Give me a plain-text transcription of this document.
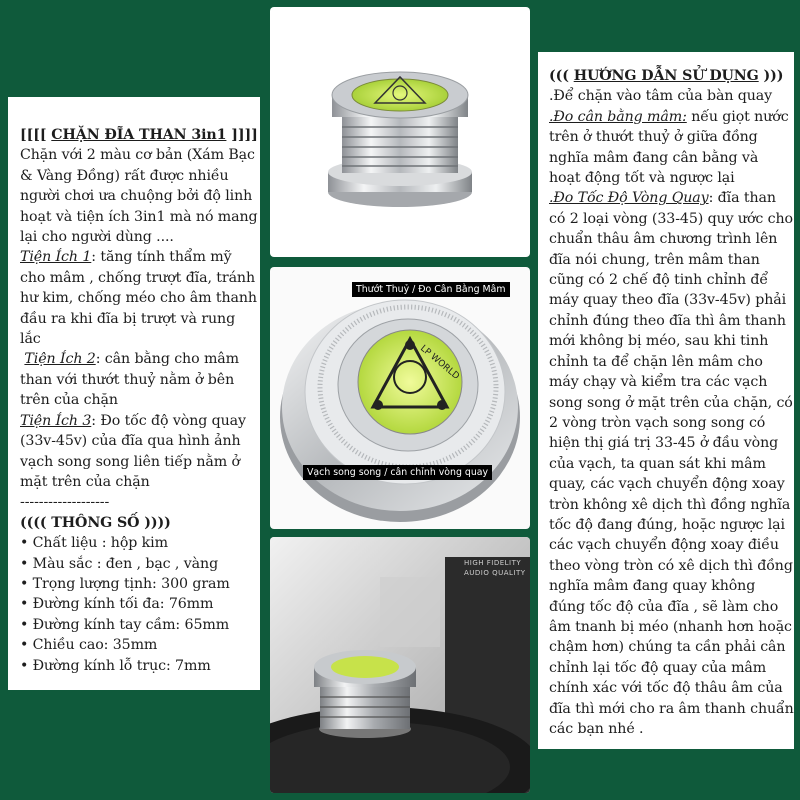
[[[[ CHẶN ĐĨA THAN 3in1 ]]]]
Chặn với 2 màu cơ bản (Xám Bạc & Vàng Đồng) rất được nhiều người chơi ưa chuộng bởi độ linh hoạt và tiện ích 3in1 mà nó mang lại cho người dùng ....
Tiện Ích 1: tăng tính thẩm mỹ cho mâm , chống trượt đĩa, tránh hư kim, chống méo cho âm thanh đầu ra khi đĩa bị trượt và rung lắc
Tiện Ích 2: cân bằng cho mâm than với thướt thuỷ nằm ở bên trên của chặn
Tiện Ích 3: Đo tốc độ vòng quay (33v-45v) của đĩa qua hình ảnh vạch song song liên tiếp nằm ở mặt trên của chặn
-------------------
(((( THÔNG SỐ ))))
• Chất liệu : hộp kim
• Màu sắc : đen , bạc , vàng
• Trọng lượng tịnh: 300 gram
• Đường kính tối đa: 76mm
• Đường kính tay cầm: 65mm
• Chiều cao: 35mm
• Đường kính lỗ trục: 7mm
LP WORLD
Thướt Thuỷ / Đo Cân Bằng Mâm
Vạch song song / cân chỉnh vòng quay
HIGH FIDELITY
AUDIO QUALITY
((( HƯỚNG DẪN SỬ DỤNG )))
.Để chặn vào tâm của bàn quay
.Đo cân bằng mâm: nếu giọt nước trên ở thướt thuỷ ở giữa đồng nghĩa mâm đang cân bằng và hoạt động tốt và ngược lại
.Đo Tốc Độ Vòng Quay: đĩa than có 2 loại vòng (33-45) quy ước cho chuẩn thâu âm chương trình lên đĩa nói chung, trên mâm than cũng có 2 chế độ tinh chỉnh để máy quay theo đĩa (33v-45v) phải chỉnh đúng theo đĩa thì âm thanh mới không bị méo, sau khi tinh chỉnh ta để chặn lên mâm cho máy chạy và kiểm tra các vạch song song ở mặt trên của chặn, có 2 vòng tròn vạch song song có hiện thị giá trị 33-45 ở đầu vòng của vạch, ta quan sát khi mâm quay, các vạch chuyển động xoay tròn không xê dịch thì đồng nghĩa tốc độ đang đúng, hoặc ngược lại các vạch chuyển động xoay điều theo vòng tròn có xê dịch thì đồng nghĩa mâm đang quay không đúng tốc độ của đĩa , sẽ làm cho âm tnanh bị méo (nhanh hơn hoặc chậm hơn) chúng ta cần phải cân chỉnh lại tốc độ quay của mâm chính xác với tốc độ thâu âm của đĩa thì mới cho ra âm thanh chuẩn các bạn nhé .
